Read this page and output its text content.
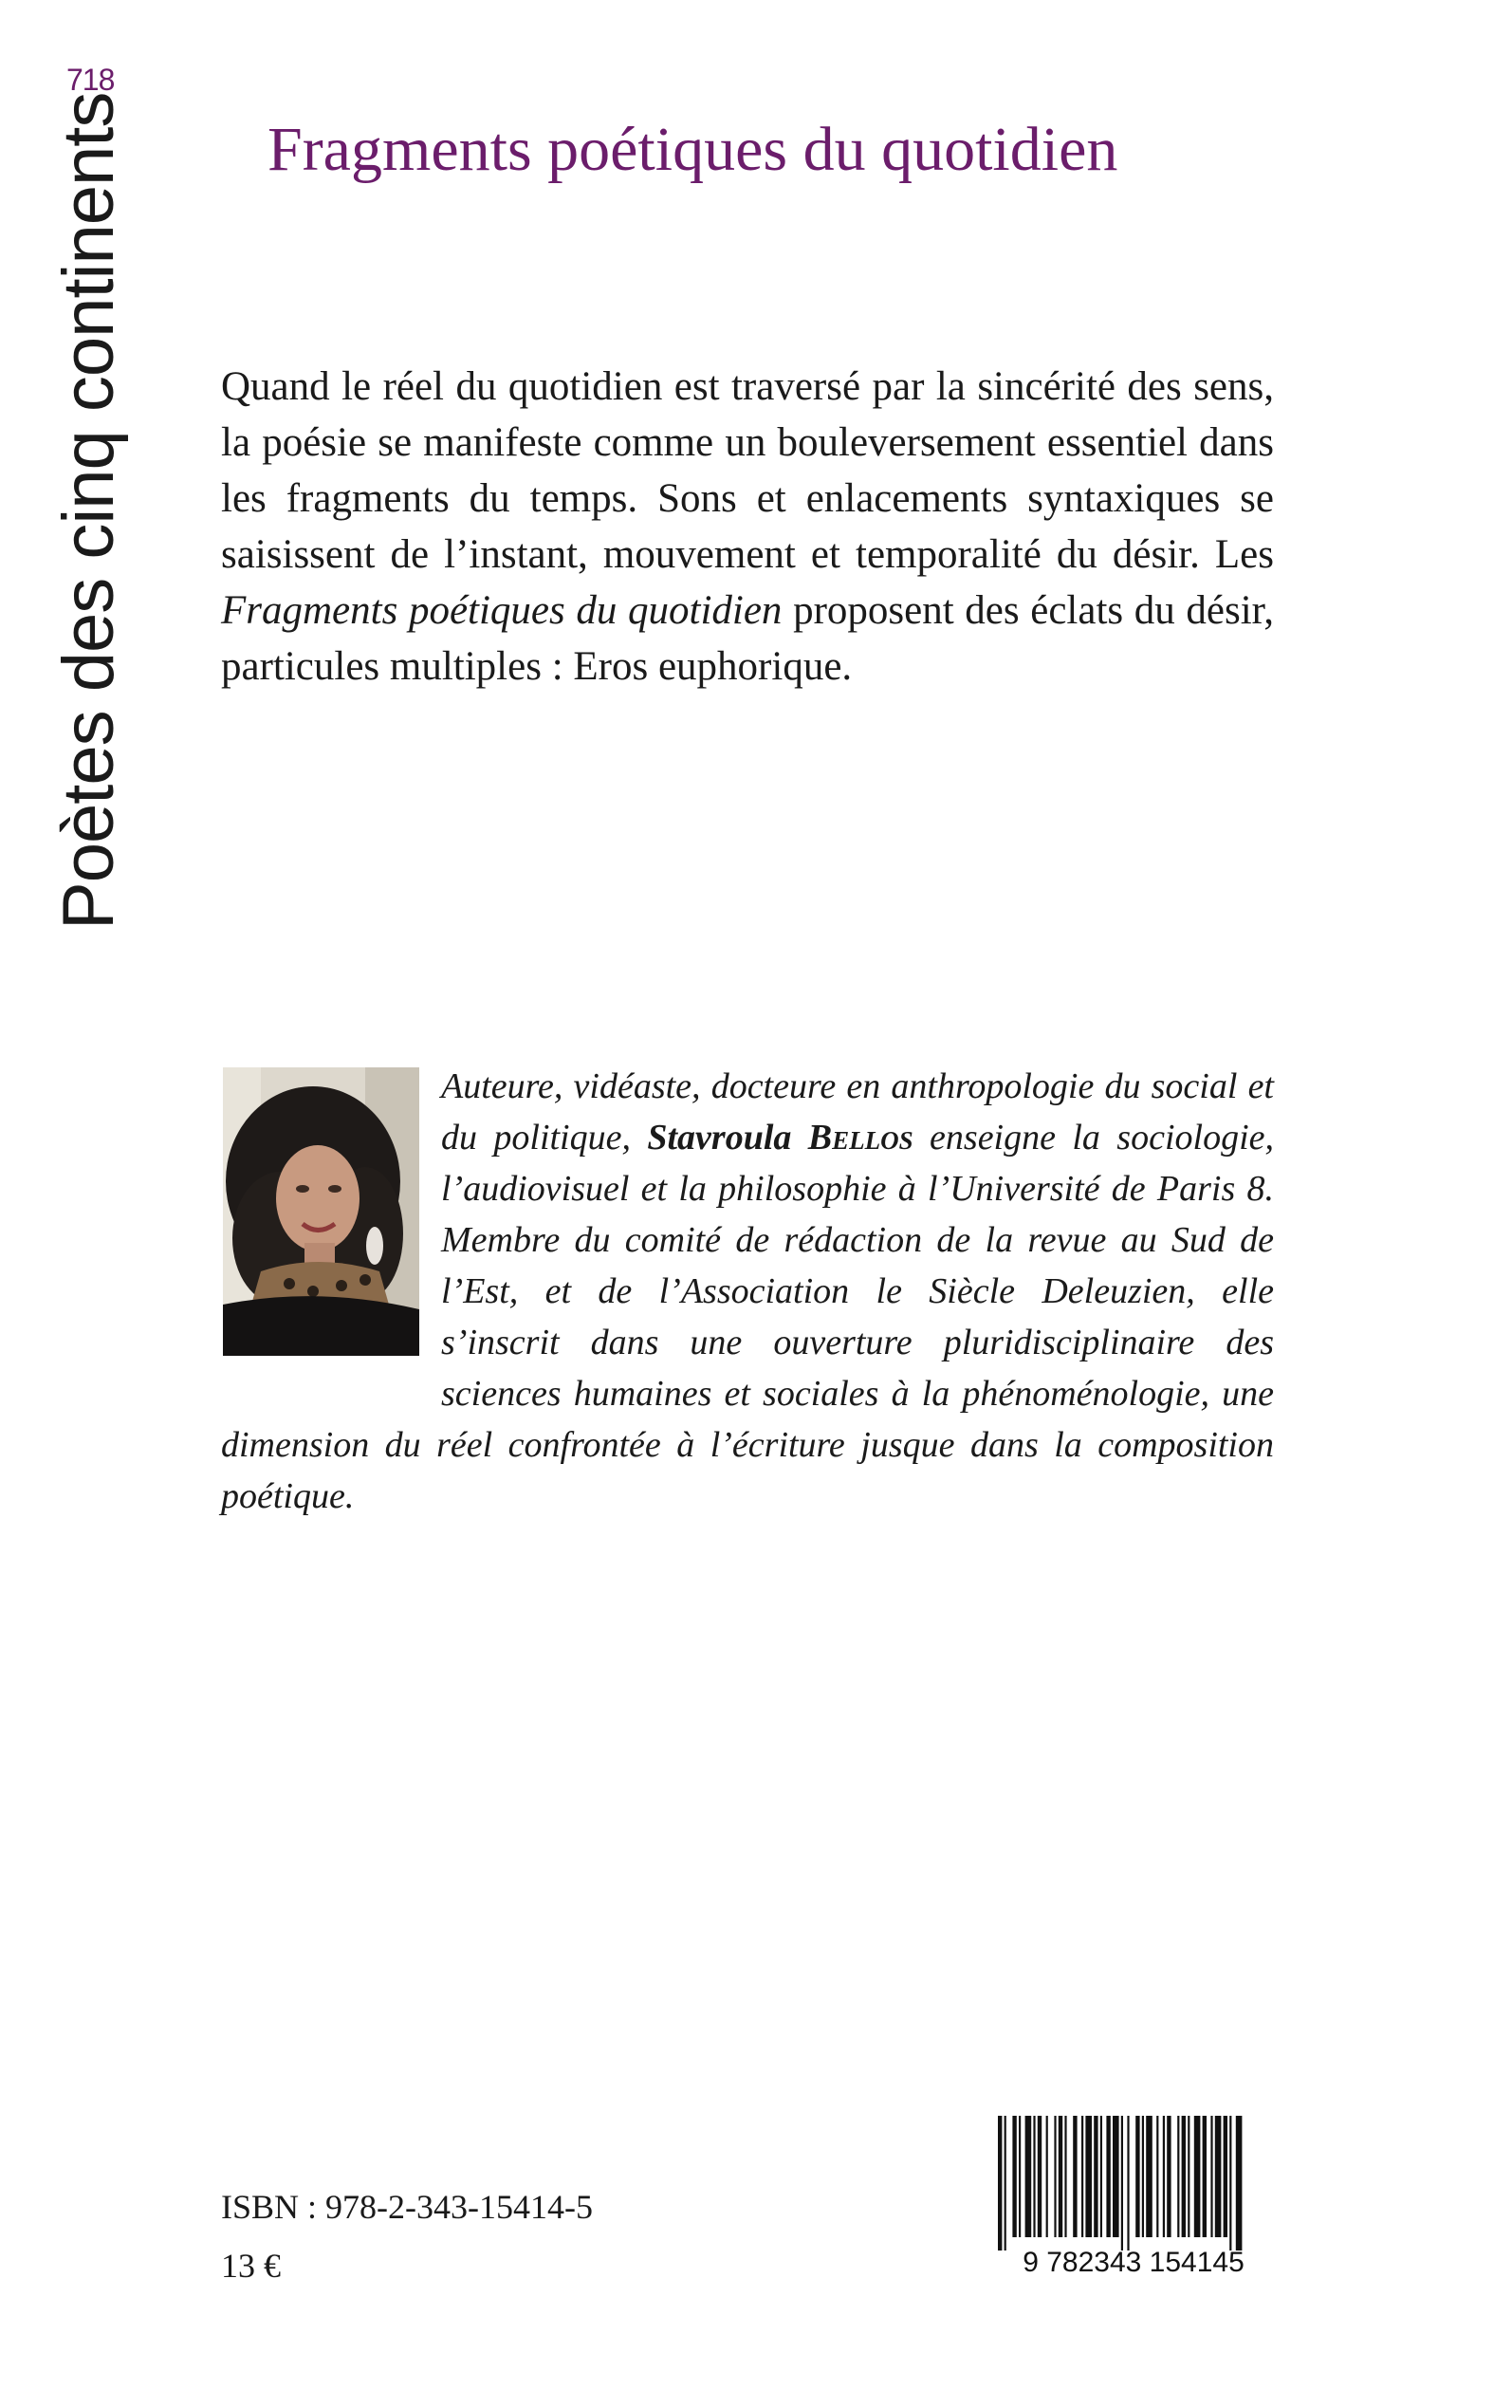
718
Poètes des cinq continents Fragments poétiques du quotidien
Quand le réel du quotidien est traversé par la sincérité des sens, la poésie se manifeste comme un bouleversement essentiel dans les fragments du temps. Sons et enlacements syntaxiques se saisissent de l’instant, mouvement et temporalité du désir. Les Fragments poétiques du quotidien proposent des éclats du désir, particules multiples : Eros euphorique.
Auteure, vidéaste, docteure en anthropologie du social et du politique, Stavroula Bellos enseigne la sociologie, l’audiovisuel et la philosophie à l’Université de Paris 8. Membre du comité de rédaction de la revue au Sud de l’Est, et de l’Association le Siècle Deleuzien, elle s’inscrit dans une ouverture pluridisciplinaire des sciences humaines et sociales à la phénoménologie, une dimension du réel confrontée à l’écriture jusque dans la composition poétique.
ISBN : 978-2-343-15414-5
13 €	9 782343 154145
